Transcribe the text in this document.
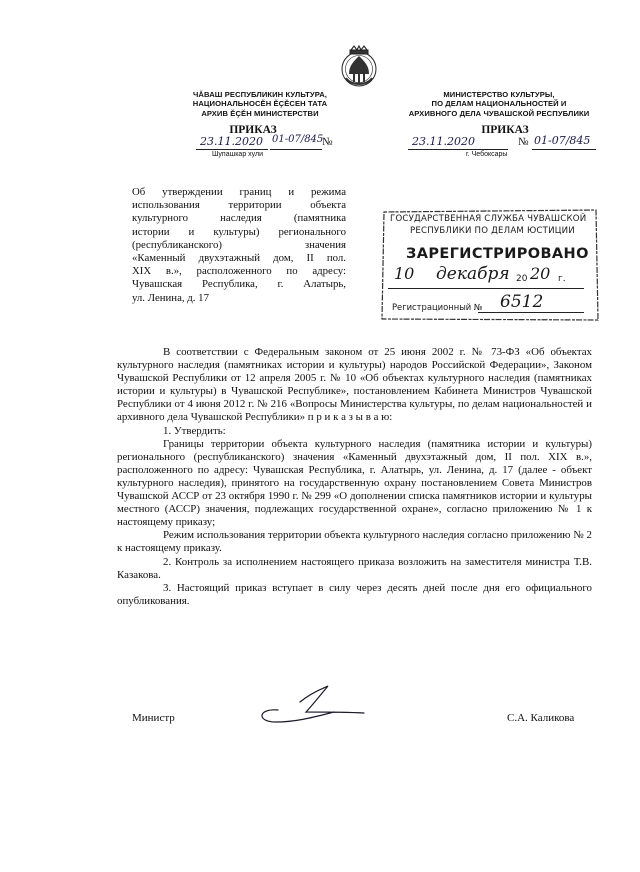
ЧĂВАШ РЕСПУБЛИКИН КУЛЬТУРА,
НАЦИОНАЛЬНОСĔН ĔҪĔСЕН ТАТА
АРХИВ ĔҪĔН МИНИСТЕРСТВИ
ПРИКАЗ
23.11.2020 01-07/845
№
Шупашкар хули
МИНИСТЕРСТВО КУЛЬТУРЫ,
ПО ДЕЛАМ НАЦИОНАЛЬНОСТЕЙ И
АРХИВНОГО ДЕЛА ЧУВАШСКОЙ РЕСПУБЛИКИ
ПРИКАЗ
23.11.2020	№ 01-07/845
г. Чебоксары

Об утверждении границ и режима

использования территории объекта

культурного наследия (памятника

истории и культуры) регионального

(республиканского) значения

«Каменный двухэтажный дом, II пол.

XIX в.», расположенного по адресу:

Чувашская Республика, г. Алатырь,

ул. Ленина, д. 17

ГОСУДАРСТВЕННАЯ СЛУЖБА ЧУВАШСКОЙ
РЕСПУБЛИКИ ПО ДЕЛАМ ЮСТИЦИИ
ЗАРЕГИСТРИРОВАНО
10 декабря 20 20 г.
Регистрационный № 6512

В соответствии с Федеральным законом от 25 июня 2002 г. № 73-ФЗ «Об объектах культурного наследия (памятниках истории и культуры) народов Российской Федерации», Законом Чувашской Республики от 12 апреля 2005 г. № 10 «Об объектах культурного наследия (памятниках истории и культуры) в Чувашской Республике», постановлением Кабинета Министров Чувашской Республики от 4 июня 2012 г. № 216 «Вопросы Министерства культуры, по делам национальностей и архивного дела Чувашской Республики» п р и к а з ы в а ю:

1. Утвердить:

Границы территории объекта культурного наследия (памятника истории и культуры) регионального (республиканского) значения «Каменный двухэтажный дом, II пол. XIX в.», расположенного по адресу: Чувашская Республика, г. Алатырь, ул. Ленина, д. 17 (далее - объект культурного наследия), принятого на государственную охрану постановлением Совета Министров Чувашской АССР от 23 октября 1990 г. № 299 «О дополнении списка памятников истории и культуры местного (АССР) значения, подлежащих государственной охране», согласно приложению № 1 к настоящему приказу;

Режим использования территории объекта культурного наследия согласно приложению № 2 к настоящему приказу.

2. Контроль за исполнением настоящего приказа возложить на заместителя министра Т.В. Казакова.

3. Настоящий приказ вступает в силу через десять дней после дня его официального опубликования.

Министр	С.А. Каликова
